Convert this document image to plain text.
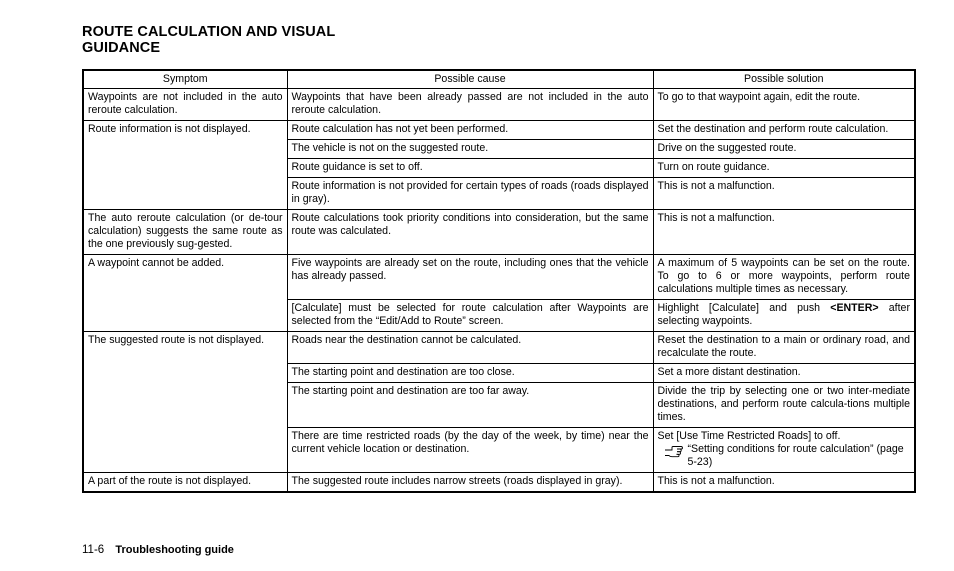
ROUTE CALCULATION AND VISUAL
GUIDANCE
Symptom	Possible cause	Possible solution
Waypoints are not included in the auto reroute calculation.	Waypoints that have been already passed are not included in the auto reroute calculation.	To go to that waypoint again, edit the route.
Route information is not displayed.	Route calculation has not yet been performed.	Set the destination and perform route calculation.
	The vehicle is not on the suggested route.	Drive on the suggested route.
	Route guidance is set to off.	Turn on route guidance.
	Route information is not provided for certain types of roads (roads displayed in gray).	This is not a malfunction.
The auto reroute calculation (or de-tour calculation) suggests the same route as the one previously sug-gested.	Route calculations took priority conditions into consideration, but the same route was calculated.	This is not a malfunction.
A waypoint cannot be added.	Five waypoints are already set on the route, including ones that the vehicle has already passed.	A maximum of 5 waypoints can be set on the route. To go to 6 or more waypoints, perform route calculations multiple times as necessary.
	[Calculate] must be selected for route calculation after Waypoints are selected from the “Edit/Add to Route” screen.	Highlight [Calculate] and push <ENTER> after selecting waypoints.
The suggested route is not displayed.	Roads near the destination cannot be calculated.	Reset the destination to a main or ordinary road, and recalculate the route.
	The starting point and destination are too close.	Set a more distant destination.
	The starting point and destination are too far away.	Divide the trip by selecting one or two inter-mediate destinations, and perform route calcula-tions multiple times.
	There are time restricted roads (by the day of the week, by time) near the current vehicle location or destination.	Set [Use Time Restricted Roads] to off.
“Setting conditions for route calculation” (page 5-23)

A part of the route is not displayed.	The suggested route includes narrow streets (roads displayed in gray).	This is not a malfunction.
11-6 Troubleshooting guide
